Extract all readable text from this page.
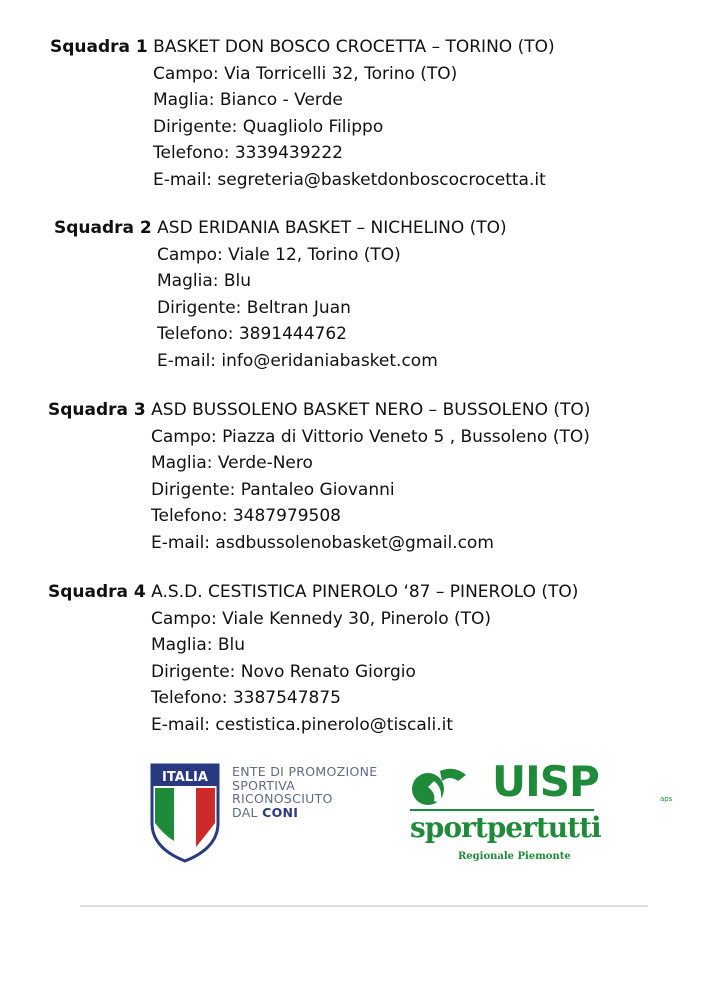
Squadra 1 BASKET DON BOSCO CROCETTA – TORINO (TO)
Campo: Via Torricelli 32, Torino (TO)
Maglia: Bianco - Verde
Dirigente: Quagliolo Filippo
Telefono: 3339439222
E-mail: segreteria@basketdonboscocrocetta.it
Squadra 2 ASD ERIDANIA BASKET – NICHELINO (TO)
Campo: Viale 12, Torino (TO)
Maglia: Blu
Dirigente: Beltran Juan
Telefono: 3891444762
E-mail: info@eridaniabasket.com
Squadra 3 ASD BUSSOLENO BASKET NERO – BUSSOLENO (TO)
Campo: Piazza di Vittorio Veneto 5 , Bussoleno (TO)
Maglia: Verde-Nero
Dirigente: Pantaleo Giovanni
Telefono: 3487979508
E-mail: asdbussolenobasket@gmail.com
Squadra 4 A.S.D. CESTISTICA PINEROLO ‘87 – PINEROLO (TO)
Campo: Viale Kennedy 30, Pinerolo (TO)
Maglia: Blu
Dirigente: Novo Renato Giorgio
Telefono: 3387547875
E-mail: cestistica.pinerolo@tiscali.it
ITALIA ENTE DI PROMOZIONE
SPORTIVA
RICONOSCIUTO
DAL CONI
UISP	aps
sportpertutti
Regionale Piemonte
